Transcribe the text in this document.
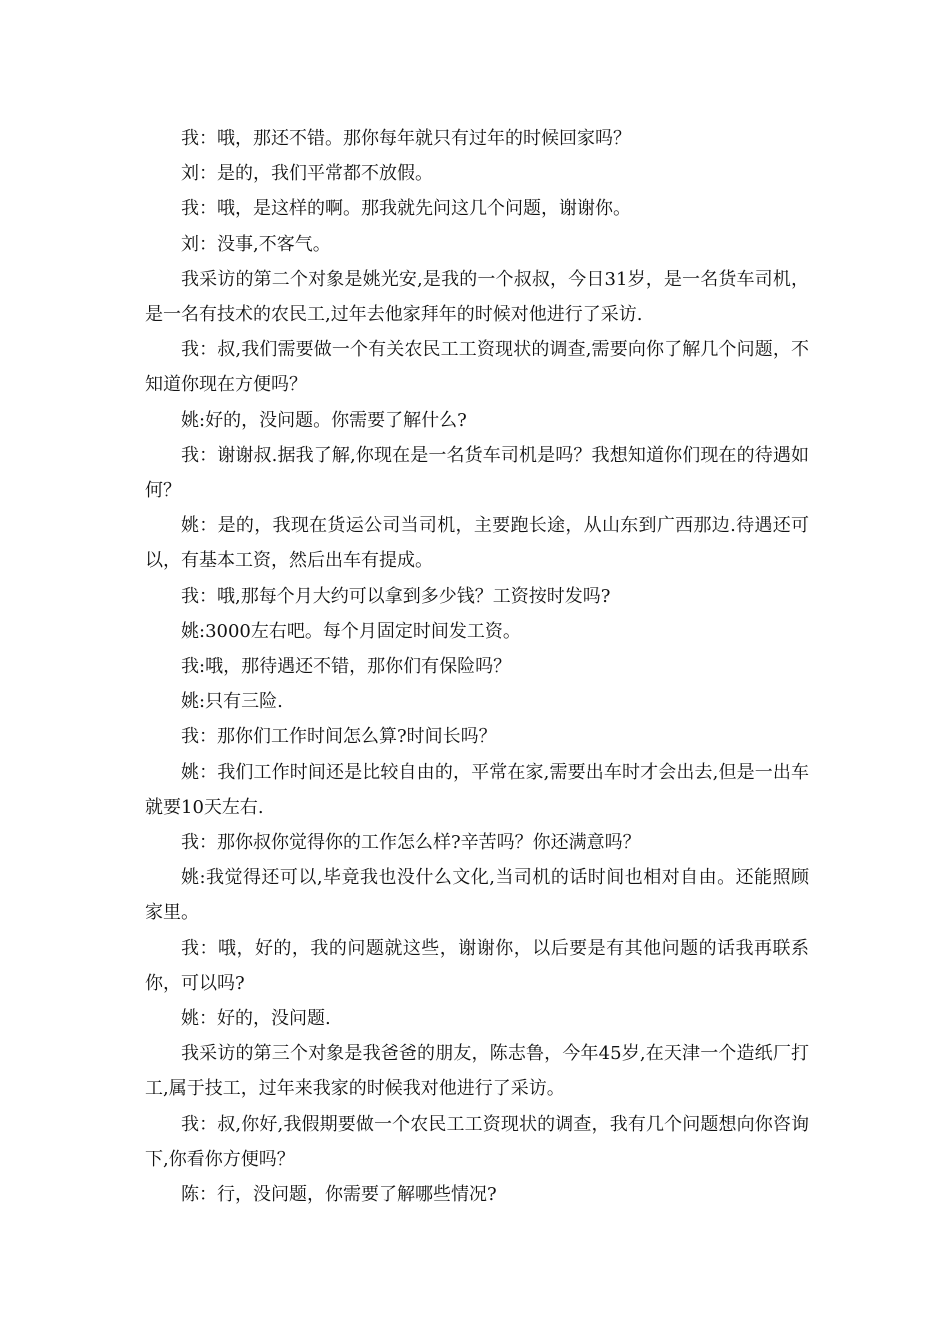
我：哦，那还不错。那你每年就只有过年的时候回家吗？

刘：是的，我们平常都不放假。

我：哦，是这样的啊。那我就先问这几个问题，谢谢你。

刘：没事,不客气。

我采访的第二个对象是姚光安,是我的一个叔叔，今日31岁，是一名货车司机，是一名有技术的农民工,过年去他家拜年的时候对他进行了采访.

我：叔,我们需要做一个有关农民工工资现状的调查,需要向你了解几个问题，不知道你现在方便吗？

姚:好的，没问题。你需要了解什么?

我：谢谢叔.据我了解,你现在是一名货车司机是吗？我想知道你们现在的待遇如何？

姚：是的，我现在货运公司当司机，主要跑长途，从山东到广西那边.待遇还可以，有基本工资，然后出车有提成。

我：哦,那每个月大约可以拿到多少钱？工资按时发吗?

姚:3000左右吧。每个月固定时间发工资。

我:哦，那待遇还不错，那你们有保险吗？

姚:只有三险.

我：那你们工作时间怎么算?时间长吗？

姚：我们工作时间还是比较自由的，平常在家,需要出车时才会出去,但是一出车就要10天左右.

我：那你叔你觉得你的工作怎么样?辛苦吗？你还满意吗？

姚:我觉得还可以,毕竟我也没什么文化,当司机的话时间也相对自由。还能照顾家里。

我：哦，好的，我的问题就这些，谢谢你，以后要是有其他问题的话我再联系你，可以吗?

姚：好的，没问题.

我采访的第三个对象是我爸爸的朋友，陈志鲁，今年45岁,在天津一个造纸厂打工,属于技工，过年来我家的时候我对他进行了采访。

我：叔,你好,我假期要做一个农民工工资现状的调查，我有几个问题想向你咨询下,你看你方便吗？

陈：行，没问题，你需要了解哪些情况?
